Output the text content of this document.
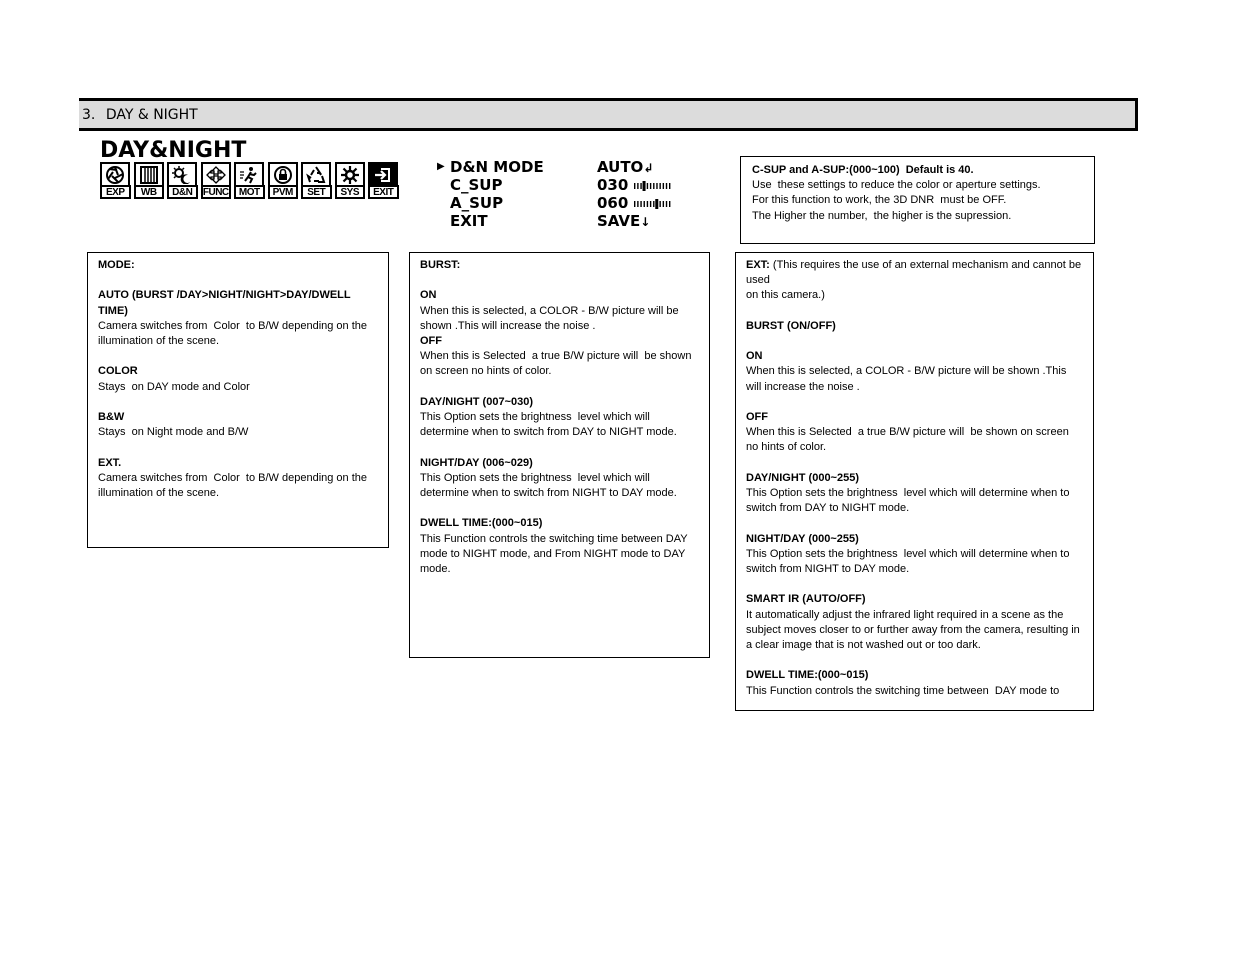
3. DAY & NIGHT
DAY&NIGHT
EXP	WB	D&N	FUNC	MOT	PVM	SET	SYS	EXIT
▶ D&N MODE	AUTO↲
C_SUP	030
A_SUP	060
EXIT	SAVE↓

C-SUP and A-SUP:(000~100)  Default is 40.

Use  these settings to reduce the color or aperture settings.

For this function to work, the 3D DNR  must be OFF.

The Higher the number,  the higher is the supression.

MODE:

AUTO (BURST /DAY>NIGHT/NIGHT>DAY/DWELL TIME)

Camera switches from  Color  to B/W depending on the illumination of the scene.

COLOR

Stays  on DAY mode and Color

B&W

Stays  on Night mode and B/W

EXT.

Camera switches from  Color  to B/W depending on the illumination of the scene.

BURST:

ON

When this is selected, a COLOR - B/W picture will be shown .This will increase the noise .

OFF

When this is Selected  a true B/W picture will  be shown on screen no hints of color.

DAY/NIGHT (007~030)

This Option sets the brightness  level which will determine when to switch from DAY to NIGHT mode.

NIGHT/DAY (006~029)

This Option sets the brightness  level which will determine when to switch from NIGHT to DAY mode.

DWELL TIME:(000~015)

This Function controls the switching time between DAY mode to NIGHT mode, and From NIGHT mode to DAY mode.

EXT: (This requires the use of an external mechanism and cannot be used

on this camera.)

BURST (ON/OFF)

ON

When this is selected, a COLOR - B/W picture will be shown .This will increase the noise .

OFF

When this is Selected  a true B/W picture will  be shown on screen no hints of color.

DAY/NIGHT (000~255)

This Option sets the brightness  level which will determine when to switch from DAY to NIGHT mode.

NIGHT/DAY (000~255)

This Option sets the brightness  level which will determine when to switch from NIGHT to DAY mode.

SMART IR (AUTO/OFF)

It automatically adjust the infrared light required in a scene as the subject moves closer to or further away from the camera, resulting in a clear image that is not washed out or too dark.

DWELL TIME:(000~015)

This Function controls the switching time between  DAY mode to
